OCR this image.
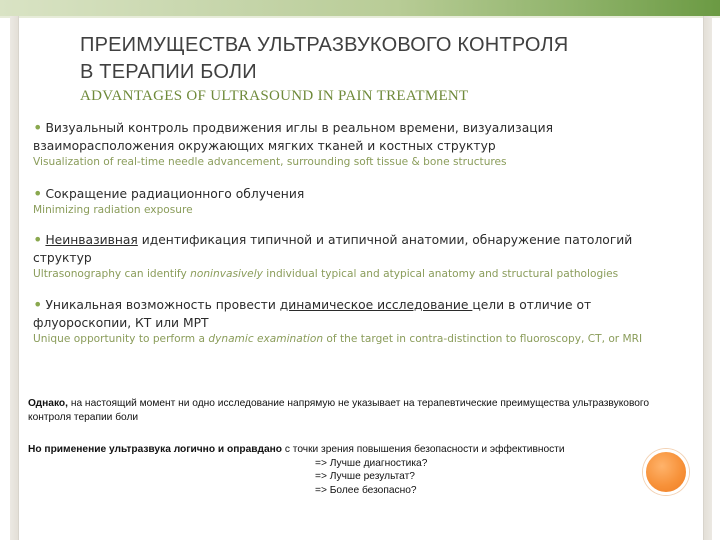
ПРЕИМУЩЕСТВА УЛЬТРАЗВУКОВОГО КОНТРОЛЯ
В ТЕРАПИИ БОЛИ
ADVANTAGES OF ULTRASOUND IN PAIN TREATMENT
• Визуальный контроль продвижения иглы в реальном времени, визуализация взаиморасположения окружающих мягких тканей и костных структур
Visualization of real-time needle advancement, surrounding soft tissue & bone structures
• Сокращение радиационного облучения
Minimizing radiation exposure
• Неинвазивная идентификация типичной и атипичной анатомии, обнаружение патологий структур
Ultrasonography can identify noninvasively individual typical and atypical anatomy and structural pathologies
• Уникальная возможность провести динамическое исследование цели в отличие от флуороскопии, КТ или МРТ
Unique opportunity to perform a dynamic examination of the target in contra-distinction to fluoroscopy, CT, or MRI
Однако, на настоящий момент ни одно исследование напрямую не указывает на терапевтические преимущества ультразвукового контроля терапии боли
Но применение ультразвука логично и оправдано с точки зрения повышения безопасности и эффективности
=> Лучше диагностика?
=> Лучше результат?
=> Более безопасно?
